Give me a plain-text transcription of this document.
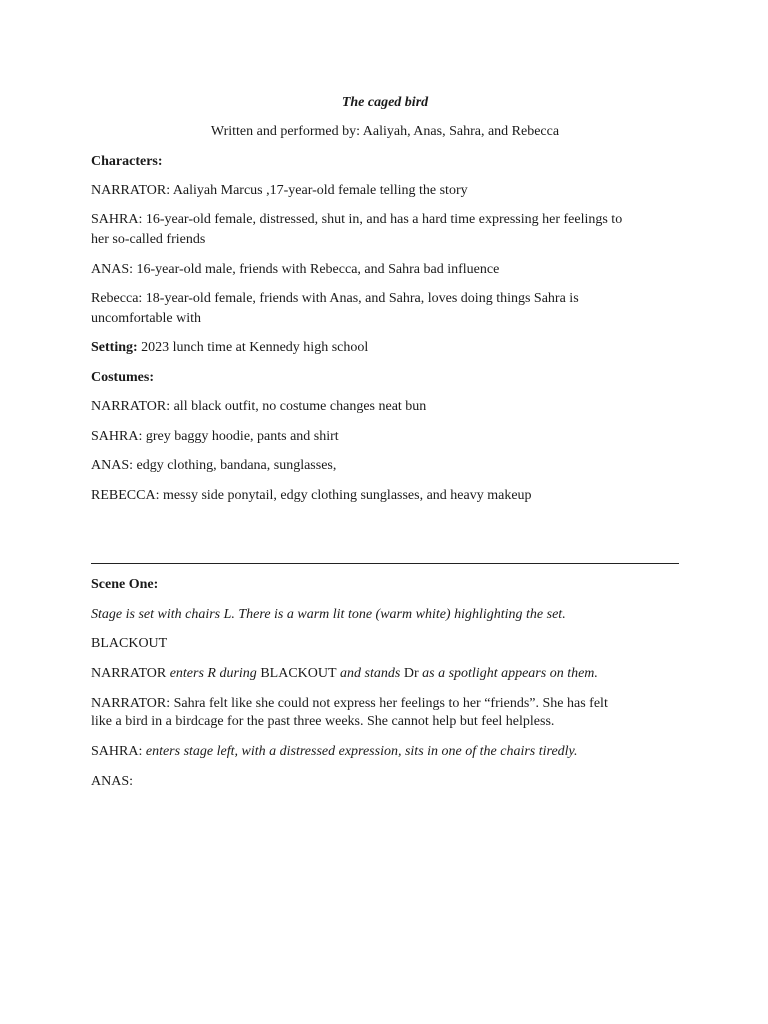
The caged bird
Written and performed by: Aaliyah, Anas, Sahra, and Rebecca
Characters:
NARRATOR: Aaliyah Marcus ,17-year-old female telling the story
SAHRA: 16-year-old female, distressed, shut in, and has a hard time expressing her feelings to
her so-called friends
ANAS: 16-year-old male, friends with Rebecca, and Sahra bad influence
Rebecca: 18-year-old female, friends with Anas, and Sahra, loves doing things Sahra is
uncomfortable with
Setting: 2023 lunch time at Kennedy high school
Costumes:
NARRATOR: all black outfit, no costume changes neat bun
SAHRA: grey baggy hoodie, pants and shirt
ANAS: edgy clothing, bandana, sunglasses,
REBECCA: messy side ponytail, edgy clothing sunglasses, and heavy makeup
Scene One:
Stage is set with chairs L. There is a warm lit tone (warm white) highlighting the set.
BLACKOUT
NARRATOR enters R during BLACKOUT and stands Dr as a spotlight appears on them.
NARRATOR: Sahra felt like she could not express her feelings to her “friends”. She has felt
like a bird in a birdcage for the past three weeks. She cannot help but feel helpless.
SAHRA: enters stage left, with a distressed expression, sits in one of the chairs tiredly.
ANAS:
